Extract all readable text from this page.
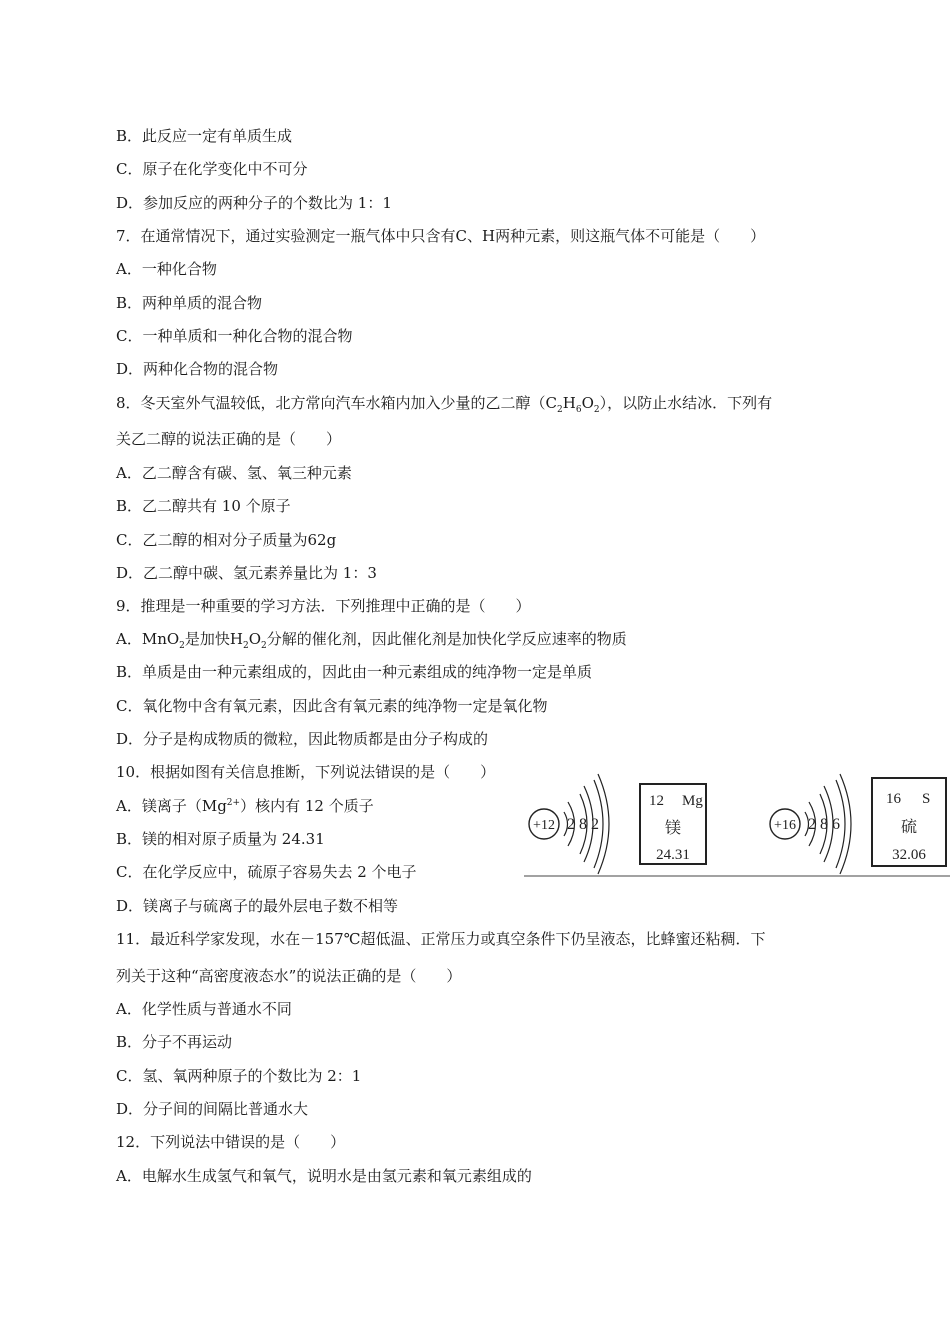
B．此反应一定有单质生成
C．原子在化学变化中不可分
D．参加反应的两种分子的个数比为 1：1
7．在通常情况下，通过实验测定一瓶气体中只含有C、H两种元素，则这瓶气体不可能是（　　）
A．一种化合物
B．两种单质的混合物
C．一种单质和一种化合物的混合物
D．两种化合物的混合物
8．冬天室外气温较低，北方常向汽车水箱内加入少量的乙二醇$(C_2H_6O_2)$，以防止水结冰．下列有
关乙二醇的说法正确的是（　　）
A．乙二醇含有碳、氢、氧三种元素
B．乙二醇共有 10 个原子
C．乙二醇的相对分子质量为62g
D．乙二醇中碳、氢元素养量比为 1：3
9．推理是一种重要的学习方法．下列推理中正确的是（　　）
A．MnO$_2$是加快$H_2O_2$分解的催化剂，因此催化剂是加快化学反应速率的物质
B．单质是由一种元素组成的，因此由一种元素组成的纯净物一定是单质
C．氧化物中含有氧元素，因此含有氧元素的纯净物一定是氧化物
D．分子是构成物质的微粒，因此物质都是由分子构成的
10．根据如图有关信息推断，下列说法错误的是（　　）
A．镁离子$(Mg^{2+})$核内有 12 个质子
B．镁的相对原子质量为 24.31
C．在化学反应中，硫原子容易失去 2 个电子
D．镁离子与硫离子的最外层电子数不相等
+12 2 8 2
12 Mg
镁
24.31
+16 2 8 6
16 S
硫
32.06
11．最近科学家发现，水在－157℃超低温、正常压力或真空条件下仍呈液态，比蜂蜜还粘稠．下
列关于这种“高密度液态水”的说法正确的是（　　）
A．化学性质与普通水不同
B．分子不再运动
C．氢、氧两种原子的个数比为 2：1
D．分子间的间隔比普通水大
12．下列说法中错误的是（　　）
A．电解水生成氢气和氧气，说明水是由氢元素和氧元素组成的
